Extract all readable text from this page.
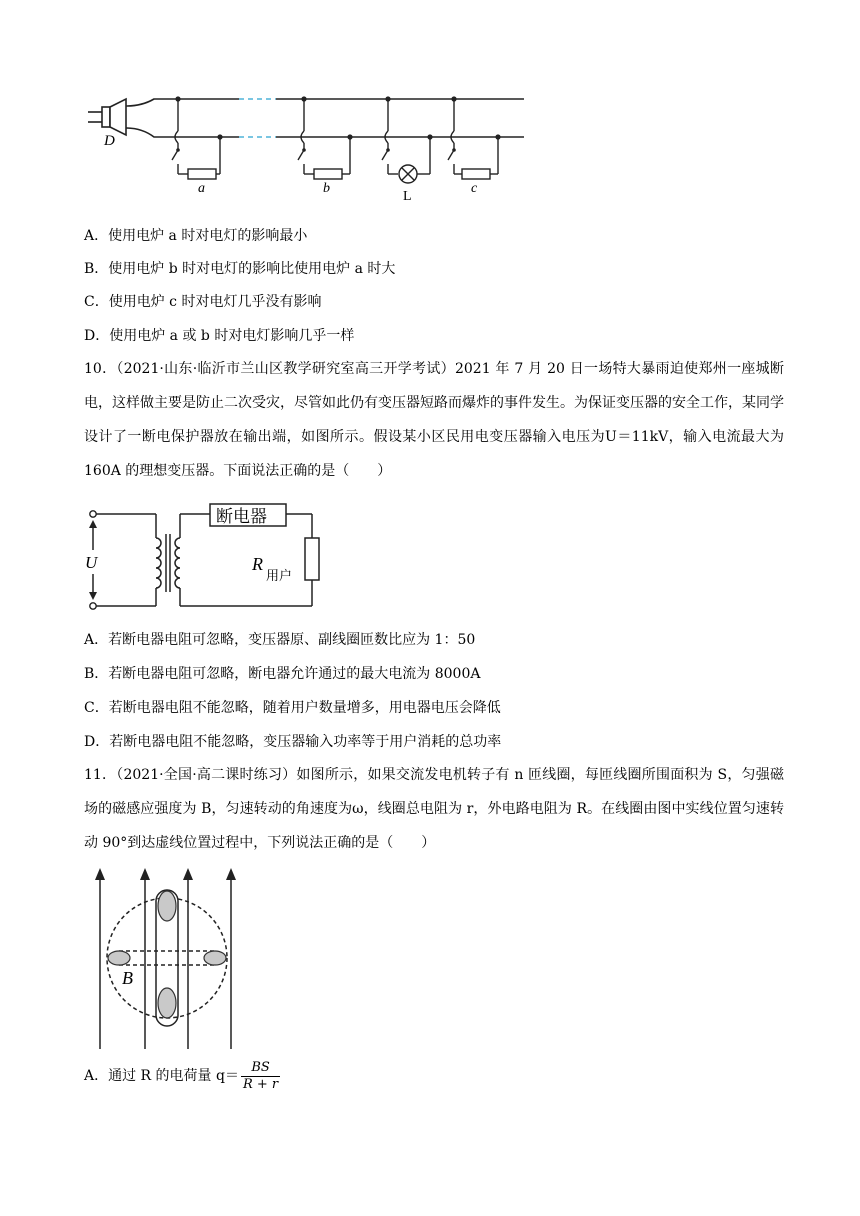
D
a	b
L
c
A．使用电炉 a 时对电灯的影响最小
B．使用电炉 b 时对电灯的影响比使用电炉 a 时大
C．使用电炉 c 时对电灯几乎没有影响
D．使用电炉 a 或 b 时对电灯影响几乎一样
10．（2021·山东·临沂市兰山区教学研究室高三开学考试）2021 年 7 月 20 日一场特大暴雨迫使郑州一座城断电，这样做主要是防止二次受灾，尽管如此仍有变压器短路而爆炸的事件发生。为保证变压器的安全工作，某同学设计了一断电保护器放在输出端，如图所示。假设某小区民用电变压器输入电压为U＝11kV，输入电流最大为 160A 的理想变压器。下面说法正确的是（　　）
断电器
U	R
用户
A．若断电器电阻可忽略，变压器原、副线圈匝数比应为 1：50
B．若断电器电阻可忽略，断电器允许通过的最大电流为 8000A
C．若断电器电阻不能忽略，随着用户数量增多，用电器电压会降低
D．若断电器电阻不能忽略，变压器输入功率等于用户消耗的总功率
11．（2021·全国·高二课时练习）如图所示，如果交流发电机转子有 n 匝线圈，每匝线圈所围面积为 S，匀强磁场的磁感应强度为 B，匀速转动的角速度为ω，线圈总电阻为 r，外电路电阻为 R。在线圈由图中实线位置匀速转动 90°到达虚线位置过程中，下列说法正确的是（　　）
B
A．通过 R 的电荷量 $q= \frac{BS}{R + r}$
